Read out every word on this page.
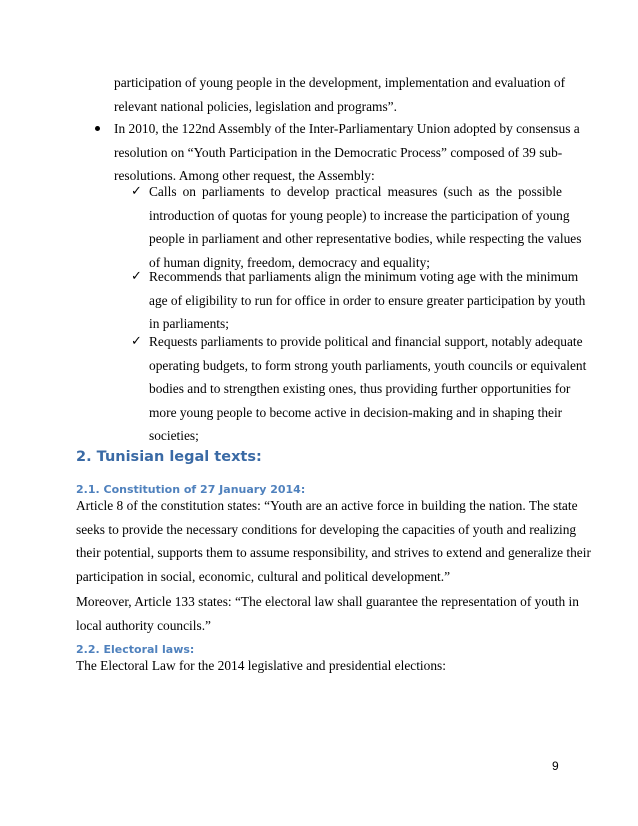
participation of young people in the development, implementation and evaluation of
relevant national policies, legislation and programs”.
In 2010, the 122nd Assembly of the Inter-Parliamentary Union adopted by consensus a
resolution on “Youth Participation in the Democratic Process” composed of 39 sub-
resolutions. Among other request, the Assembly:
✓ Calls on parliaments to develop practical measures (such as the possible
introduction of quotas for young people) to increase the participation of young
people in parliament and other representative bodies, while respecting the values
of human dignity, freedom, democracy and equality;
✓ Recommends that parliaments align the minimum voting age with the minimum
age of eligibility to run for office in order to ensure greater participation by youth
in parliaments;
✓ Requests parliaments to provide political and financial support, notably adequate
operating budgets, to form strong youth parliaments, youth councils or equivalent
bodies and to strengthen existing ones, thus providing further opportunities for
more young people to become active in decision-making and in shaping their
societies;
2. Tunisian legal texts:
2.1. Constitution of 27 January 2014:
Article 8 of the constitution states: “Youth are an active force in building the nation. The state
seeks to provide the necessary conditions for developing the capacities of youth and realizing
their potential, supports them to assume responsibility, and strives to extend and generalize their
participation in social, economic, cultural and political development.”
Moreover, Article 133 states: “The electoral law shall guarantee the representation of youth in
local authority councils.”
2.2. Electoral laws:
The Electoral Law for the 2014 legislative and presidential elections:
9
